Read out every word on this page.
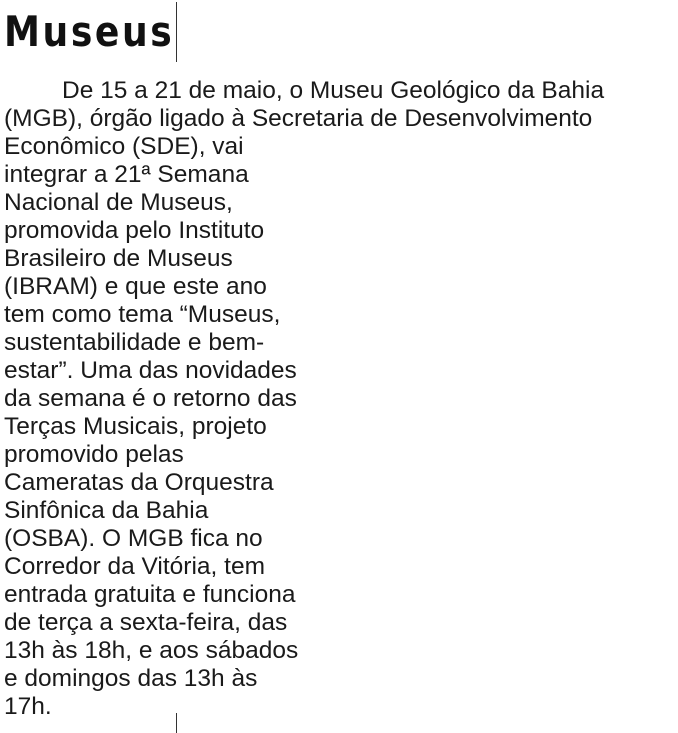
Museus
De 15 a 21 de maio, o Museu Geológico da Bahia
(MGB), órgão ligado à Secretaria de Desenvolvimento
Econômico (SDE), vai
integrar a 21ª Semana
Nacional de Museus,
promovida pelo Instituto
Brasileiro de Museus
(IBRAM) e que este ano
tem como tema “Museus,
sustentabilidade e bem-
estar”. Uma das novidades
da semana é o retorno das
Terças Musicais, projeto
promovido pelas
Cameratas da Orquestra
Sinfônica da Bahia
(OSBA). O MGB fica no
Corredor da Vitória, tem
entrada gratuita e funciona
de terça a sexta-feira, das
13h às 18h, e aos sábados
e domingos das 13h às
17h.
